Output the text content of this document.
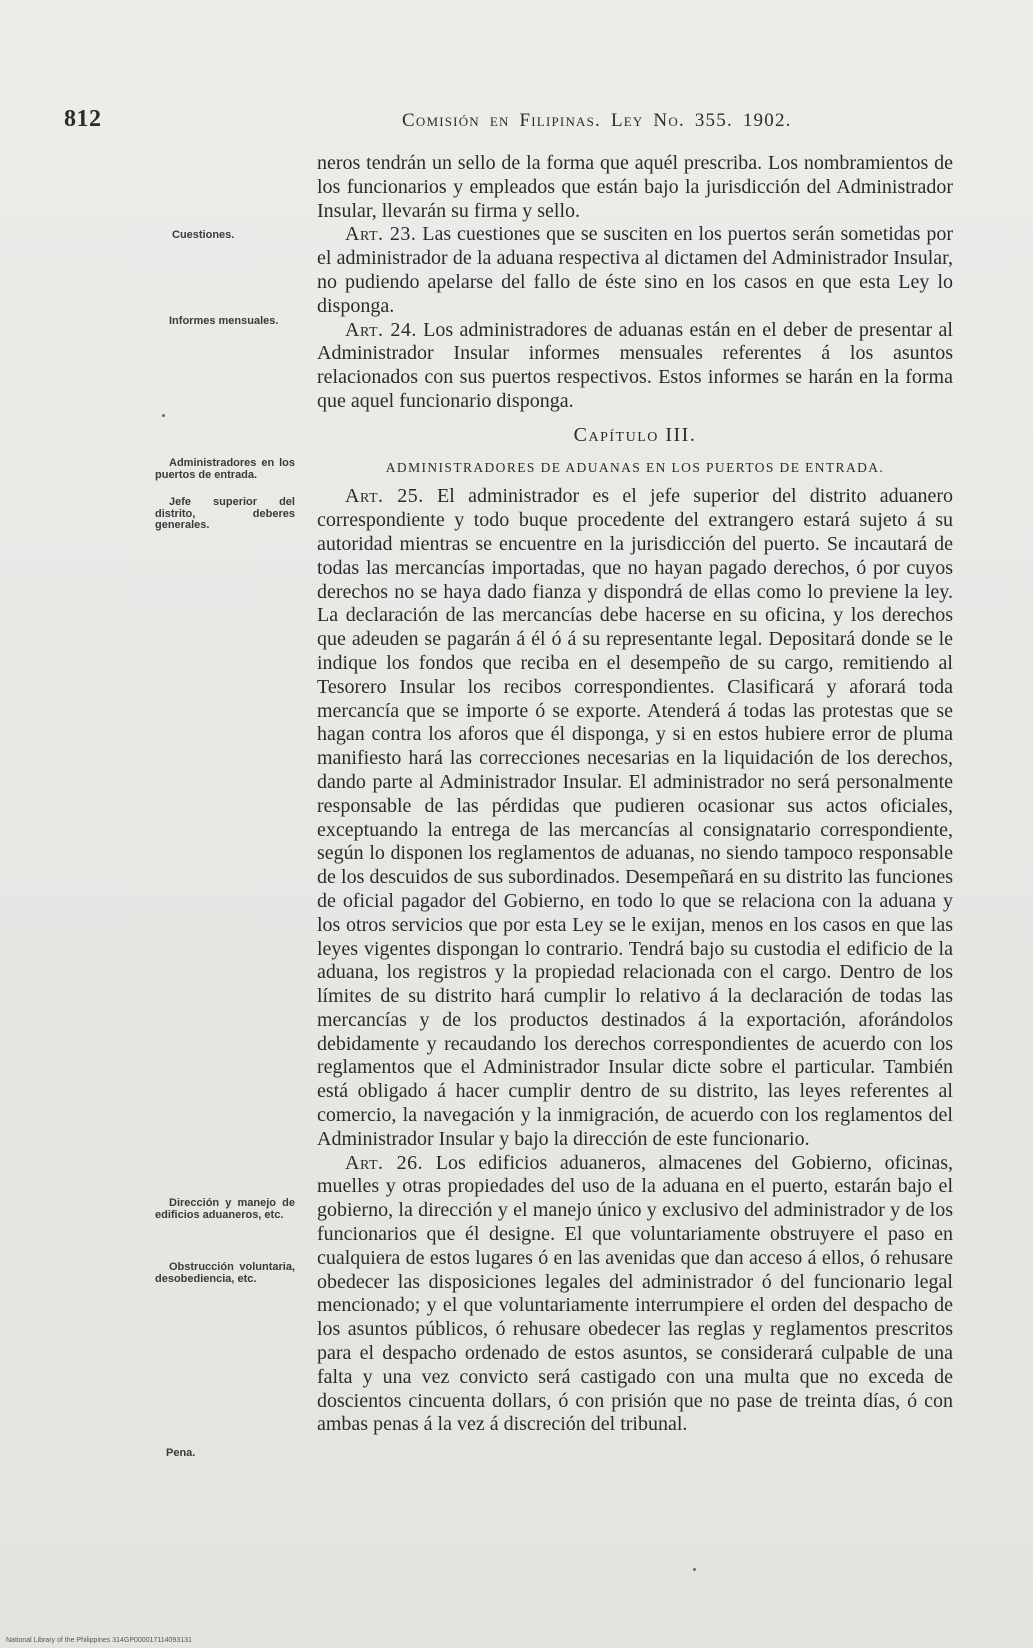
812	Comisión en Filipinas. Ley No. 355. 1902.
Cuestiones.
Informes mensuales.
Administradores en los puertos de entrada.
Jefe superior del distrito, deberes generales.
Dirección y manejo de edificios aduaneros, etc.
Obstrucción voluntaria, desobediencia, etc.
Pena.

neros tendrán un sello de la forma que aquél prescriba. Los nombramientos de los funcionarios y empleados que están bajo la jurisdicción del Administrador Insular, llevarán su firma y sello.

Art. 23. Las cuestiones que se susciten en los puertos serán sometidas por el administrador de la aduana respectiva al dictamen del Administrador Insular, no pudiendo apelarse del fallo de éste sino en los casos en que esta Ley lo disponga.

Art. 24. Los administradores de aduanas están en el deber de presentar al Administrador Insular informes mensuales referentes á los asuntos relacionados con sus puertos respectivos. Estos informes se harán en la forma que aquel funcionario disponga.

Capítulo III.

ADMINISTRADORES DE ADUANAS EN LOS PUERTOS DE ENTRADA.

Art. 25. El administrador es el jefe superior del distrito aduanero correspondiente y todo buque procedente del extrangero estará sujeto á su autoridad mientras se encuentre en la jurisdicción del puerto. Se incautará de todas las mercancías importadas, que no hayan pagado derechos, ó por cuyos derechos no se haya dado fianza y dispondrá de ellas como lo previene la ley. La declaración de las mercancías debe hacerse en su oficina, y los derechos que adeuden se pagarán á él ó á su representante legal. Depositará donde se le indique los fondos que reciba en el desempeño de su cargo, remitiendo al Tesorero Insular los recibos correspondientes. Clasificará y aforará toda mercancía que se importe ó se exporte. Atenderá á todas las protestas que se hagan contra los aforos que él disponga, y si en estos hubiere error de pluma manifiesto hará las correcciones necesarias en la liquidación de los derechos, dando parte al Administrador Insular. El administrador no será personalmente responsable de las pérdidas que pudieren ocasionar sus actos oficiales, exceptuando la entrega de las mercancías al consignatario correspondiente, según lo disponen los reglamentos de aduanas, no siendo tampoco responsable de los descuidos de sus subordinados. Desempeñará en su distrito las funciones de oficial pagador del Gobierno, en todo lo que se relaciona con la aduana y los otros servicios que por esta Ley se le exijan, menos en los casos en que las leyes vigentes dispongan lo contrario. Tendrá bajo su custodia el edificio de la aduana, los registros y la propiedad relacionada con el cargo. Dentro de los límites de su distrito hará cumplir lo relativo á la declaración de todas las mercancías y de los productos destinados á la exportación, aforándolos debidamente y recaudando los derechos correspondientes de acuerdo con los reglamentos que el Administrador Insular dicte sobre el particular. También está obligado á hacer cumplir dentro de su distrito, las leyes referentes al comercio, la navegación y la inmigración, de acuerdo con los reglamentos del Administrador Insular y bajo la dirección de este funcionario.

Art. 26. Los edificios aduaneros, almacenes del Gobierno, oficinas, muelles y otras propiedades del uso de la aduana en el puerto, estarán bajo el gobierno, la dirección y el manejo único y exclusivo del administrador y de los funcionarios que él designe. El que voluntariamente obstruyere el paso en cualquiera de estos lugares ó en las avenidas que dan acceso á ellos, ó rehusare obedecer las disposiciones legales del administrador ó del funcionario legal mencionado; y el que voluntariamente interrumpiere el orden del despacho de los asuntos públicos, ó rehusare obedecer las reglas y reglamentos prescritos para el despacho ordenado de estos asuntos, se considerará culpable de una falta y una vez convicto será castigado con una multa que no exceda de doscientos cincuenta dollars, ó con prisión que no pase de treinta días, ó con ambas penas á la vez á discreción del tribunal.

National Library of the Philippines 314GP000017114093131
